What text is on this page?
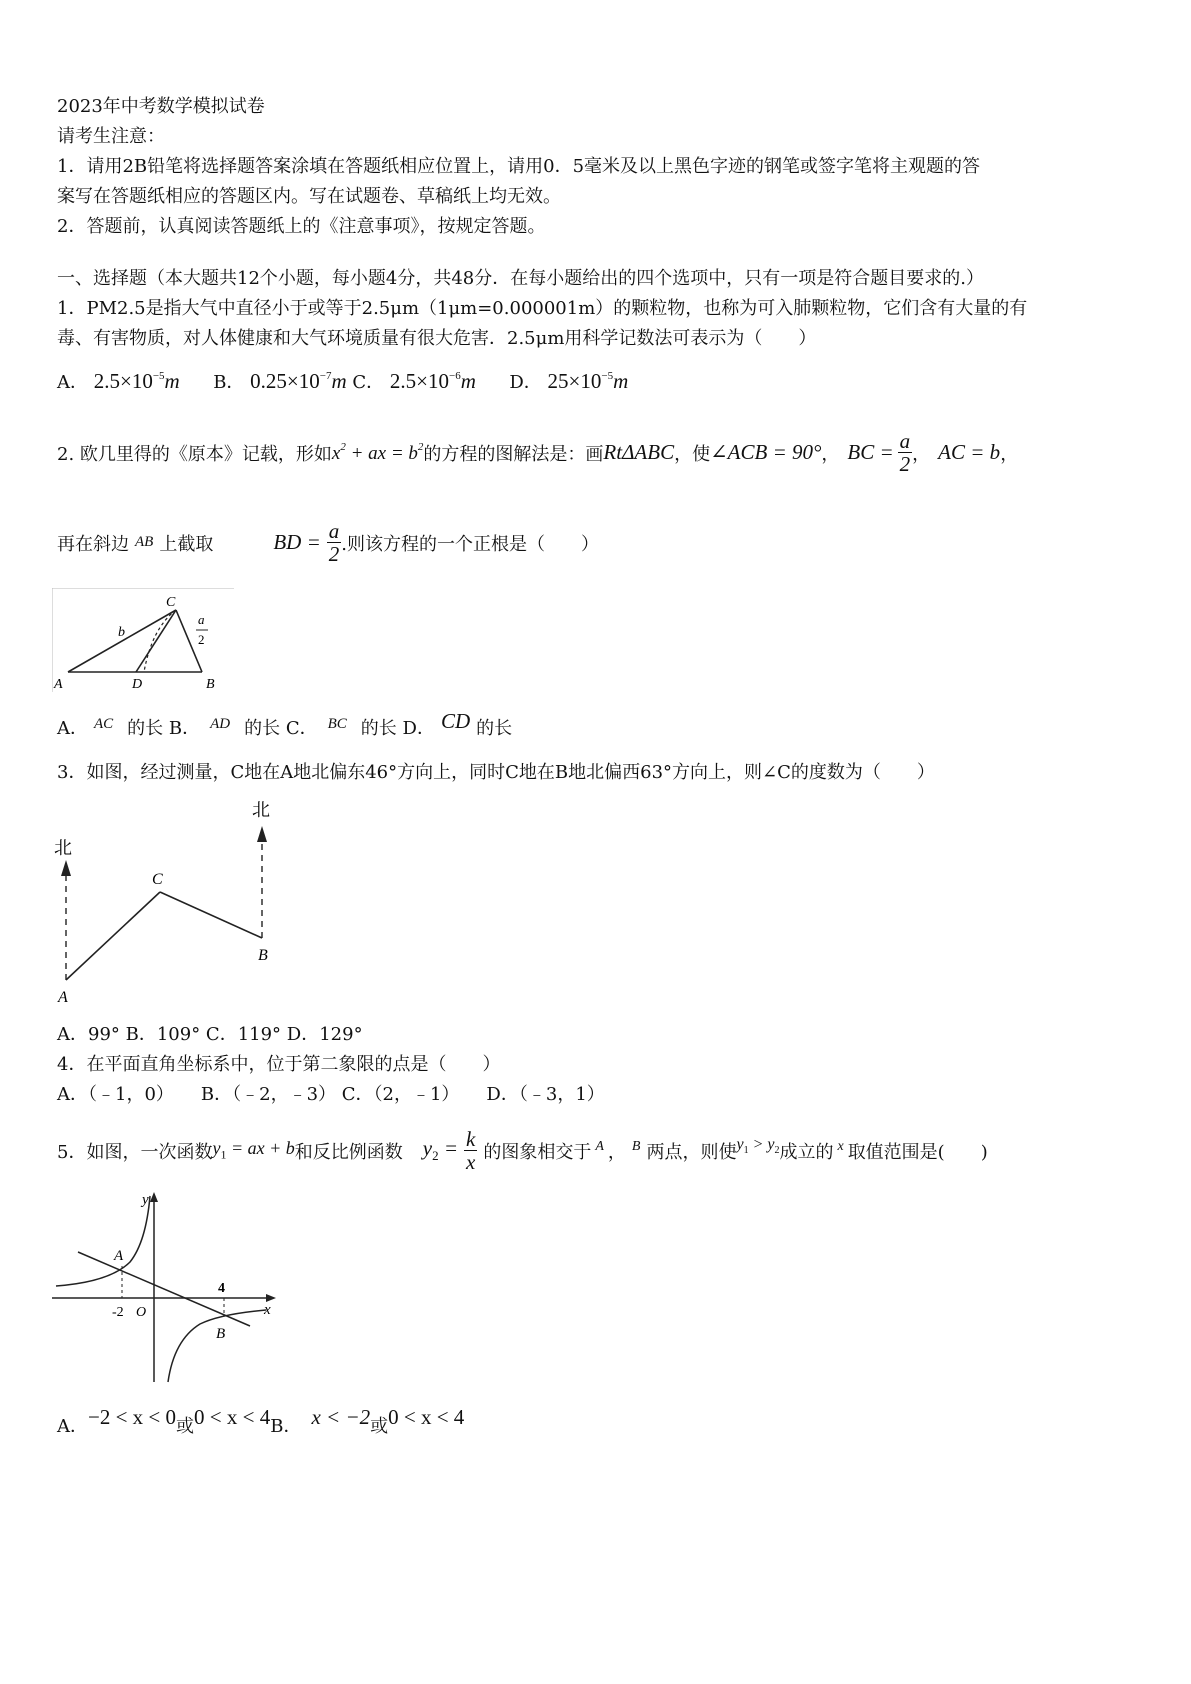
2023年中考数学模拟试卷
请考生注意：
1．请用2B铅笔将选择题答案涂填在答题纸相应位置上，请用0．5毫米及以上黑色字迹的钢笔或签字笔将主观题的答
案写在答题纸相应的答题区内。写在试题卷、草稿纸上均无效。
2．答题前，认真阅读答题纸上的《注意事项》，按规定答题。
一、选择题（本大题共12个小题，每小题4分，共48分．在每小题给出的四个选项中，只有一项是符合题目要求的.）
1．PM2.5是指大气中直径小于或等于2.5μm（1μm=0.000001m）的颗粒物，也称为可入肺颗粒物，它们含有大量的有
毒、有害物质，对人体健康和大气环境质量有很大危害．2.5μm用科学记数法可表示为（　　）
A． $2.5\times 10^{-5}m$ B． $0.25\times 10^{-7}m$ C． $2.5\times 10^{-6}m$ D． $25\times 10^{-5}m$
2. 欧几里得的《原本》记载，形如 $x^2$ + ax = $b^2$ 的方程的图解法是：画 RtΔABC ，使 ∠ACB = 90° ， BC = $\frac{a}{2}$ ， AC = b ，
再在斜边 AB 上截取	BD = $\frac{a}{2}$ .则该方程的一个正根是（　　）
C
A	D	B
b
a
2
A． AC 的长 B． AD 的长 C． BC 的长 D． CD 的长
3．如图，经过测量，C地在A地北偏东46°方向上，同时C地在B地北偏西63°方向上，则∠C的度数为（　　）
北
北
C
A
B
A．99° B．109° C．119° D．129°
4．在平面直角坐标系中，位于第二象限的点是（　　）
A．（﹣1，0）　　B．（﹣2，﹣3） C．（2，﹣1）　　D．（﹣3，1）
5．如图，一次函数 $y_1$ = ax + b 和反比例函数 $y_2 = \frac{k}{x}$ 的图象相交于 A ， B 两点，则使 $y_1 > y_2$ 成立的 x 取值范围是(　　)
y
x
O
-2
4
A
B
A． −2 < x < 0 或 0 < x < 4 B． x < −2 或 0 < x < 4
